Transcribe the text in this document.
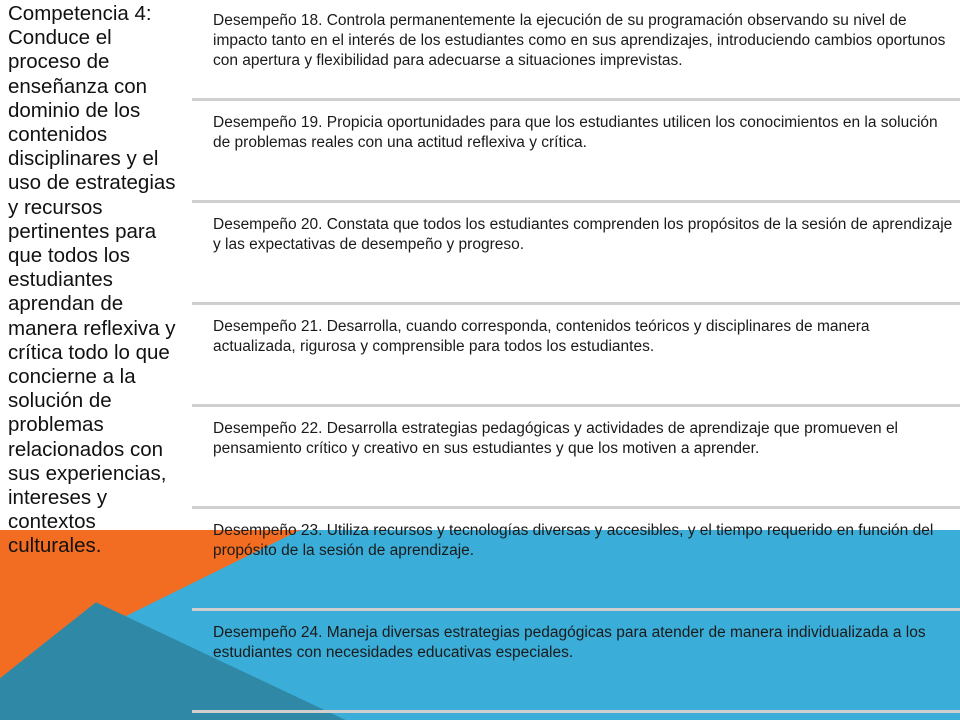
Competencia 4: Conduce el proceso de enseñanza con dominio de los contenidos disciplinares y el uso de estrategias y recursos pertinentes para que todos los estudiantes aprendan de manera reflexiva y crítica todo lo que concierne a la solución de problemas relacionados con sus experiencias, intereses y contextos culturales.
Desempeño 18. Controla permanentemente la ejecución de su programación observando su nivel de impacto tanto en el interés de los estudiantes como en sus aprendizajes, introduciendo cambios oportunos con apertura y flexibilidad para adecuarse a situaciones imprevistas.
Desempeño 19. Propicia oportunidades para que los estudiantes utilicen los conocimientos en la solución de problemas reales con una actitud reflexiva y crítica.
Desempeño 20. Constata que todos los estudiantes comprenden los propósitos de la sesión de aprendizaje y las expectativas de desempeño y progreso.
Desempeño 21. Desarrolla, cuando corresponda, contenidos teóricos y disciplinares de manera actualizada, rigurosa y comprensible para todos los estudiantes.
Desempeño 22. Desarrolla estrategias pedagógicas y actividades de aprendizaje que promueven el pensamiento crítico y creativo en sus estudiantes y que los motiven a aprender.
Desempeño 23. Utiliza recursos y tecnologías diversas y accesibles, y el tiempo requerido en función del propósito de la sesión de aprendizaje.
Desempeño 24. Maneja diversas estrategias pedagógicas para atender de manera individualizada a los estudiantes con necesidades educativas especiales.
